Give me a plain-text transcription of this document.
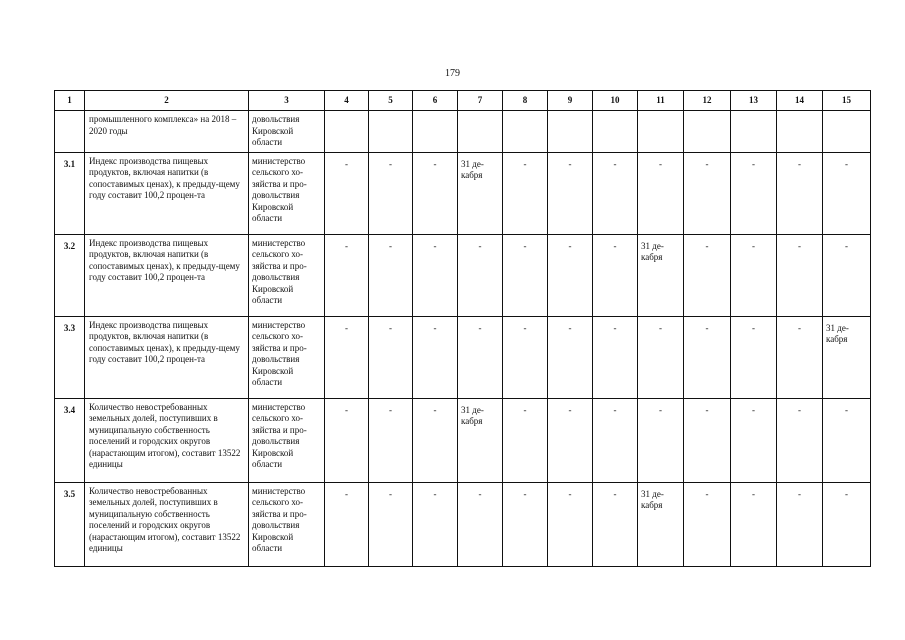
179
1	2	3	4	5	6	7	8	9	10	11	12	13	14	15
	промышленного комплекса» на 2018 – 2020 годы	довольствия Кировской области												
3.1	Индекс производства пищевых продуктов, включая напитки (в сопоставимых ценах), к предыду-щему году составит 100,2 процен-та	министерство сельского хо-зяйства и про-довольствия Кировской области	-	-	-	31 де-кабря	-	-	-	-	-	-	-	-
3.2	Индекс производства пищевых продуктов, включая напитки (в сопоставимых ценах), к предыду-щему году составит 100,2 процен-та	министерство сельского хо-зяйства и про-довольствия Кировской области	-	-	-	-	-	-	-	31 де-кабря	-	-	-	-
3.3	Индекс производства пищевых продуктов, включая напитки (в сопоставимых ценах), к предыду-щему году составит 100,2 процен-та	министерство сельского хо-зяйства и про-довольствия Кировской области	-	-	-	-	-	-	-	-	-	-	-	31 де-кабря
3.4	Количество невостребованных земельных долей, поступивших в муниципальную собственность поселений и городских округов (нарастающим итогом), составит 13522 единицы	министерство сельского хо-зяйства и про-довольствия Кировской области	-	-	-	31 де-кабря	-	-	-	-	-	-	-	-
3.5	Количество невостребованных земельных долей, поступивших в муниципальную собственность поселений и городских округов (нарастающим итогом), составит 13522 единицы	министерство сельского хо-зяйства и про-довольствия Кировской области	-	-	-	-	-	-	-	31 де-кабря	-	-	-	-
